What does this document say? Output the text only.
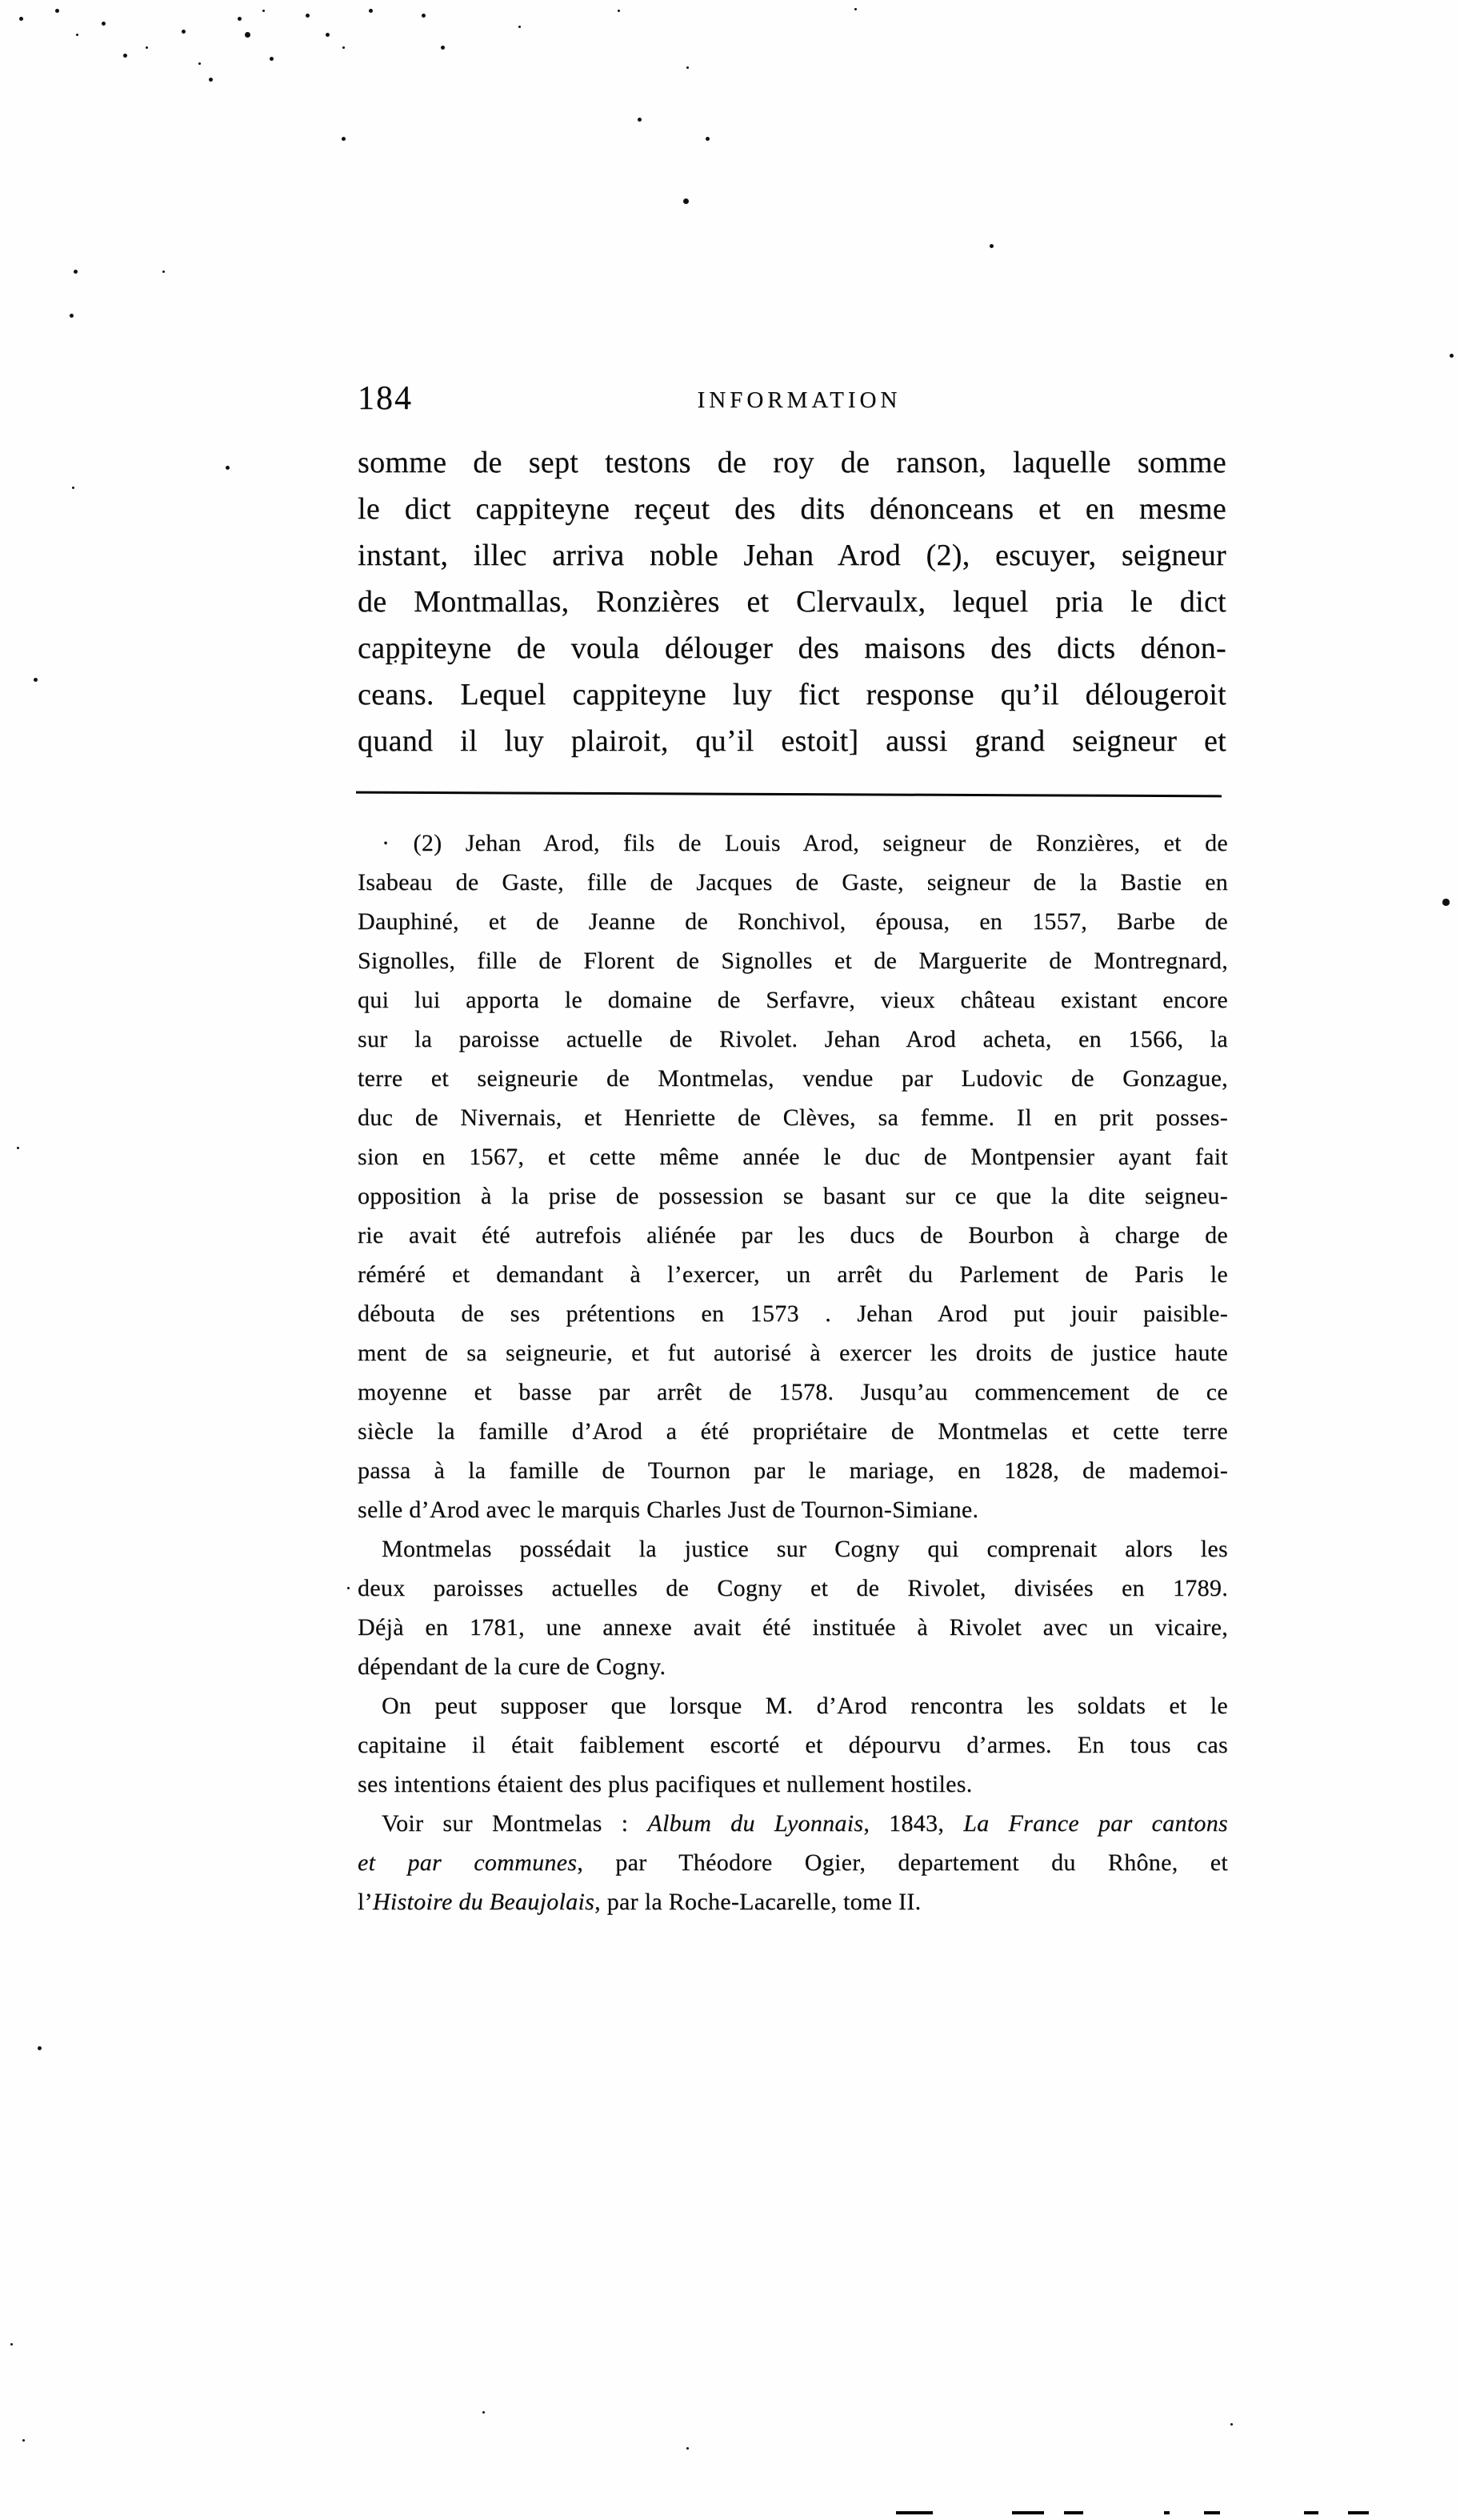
184	INFORMATION
somme de sept testons de roy de ranson, laquelle somme
le dict cappiteyne reçeut des dits dénonceans et en mesme
instant, illec arriva noble Jehan Arod (2), escuyer, seigneur
de Montmallas, Ronzières et Clervaulx, lequel pria le dict
cappiteyne de voula délouger des maisons des dicts dénon-
ceans. Lequel cappiteyne luy fict response qu’il délougeroit
quand il luy plairoit, qu’il estoit] aussi grand seigneur et
· (2) Jehan Arod, fils de Louis Arod, seigneur de Ronzières, et de
Isabeau de Gaste, fille de Jacques de Gaste, seigneur de la Bastie en
Dauphiné, et de Jeanne de Ronchivol, épousa, en 1557, Barbe de
Signolles, fille de Florent de Signolles et de Marguerite de Montregnard,
qui lui apporta le domaine de Serfavre, vieux château existant encore
sur la paroisse actuelle de Rivolet. Jehan Arod acheta, en 1566, la
terre et seigneurie de Montmelas, vendue par Ludovic de Gonzague,
duc de Nivernais, et Henriette de Clèves, sa femme. Il en prit posses-
sion en 1567, et cette même année le duc de Montpensier ayant fait
opposition à la prise de possession se basant sur ce que la dite seigneu-
rie avait été autrefois aliénée par les ducs de Bourbon à charge de
réméré et demandant à l’exercer, un arrêt du Parlement de Paris le
débouta de ses prétentions en 1573 . Jehan Arod put jouir paisible-
ment de sa seigneurie, et fut autorisé à exercer les droits de justice haute
moyenne et basse par arrêt de 1578. Jusqu’au commencement de ce
siècle la famille d’Arod a été propriétaire de Montmelas et cette terre
passa à la famille de Tournon par le mariage, en 1828, de mademoi-
selle d’Arod avec le marquis Charles Just de Tournon-Simiane.
Montmelas possédait la justice sur Cogny qui comprenait alors les
deux paroisses actuelles de Cogny et de Rivolet, divisées en 1789.
Déjà en 1781, une annexe avait été instituée à Rivolet avec un vicaire,
dépendant de la cure de Cogny.
On peut supposer que lorsque M. d’Arod rencontra les soldats et le
capitaine il était faiblement escorté et dépourvu d’armes. En tous cas
ses intentions étaient des plus pacifiques et nullement hostiles.
Voir sur Montmelas : Album du Lyonnais, 1843, La France par cantons
et par communes, par Théodore Ogier, departement du Rhône, et
l’Histoire du Beaujolais, par la Roche-Lacarelle, tome II.
